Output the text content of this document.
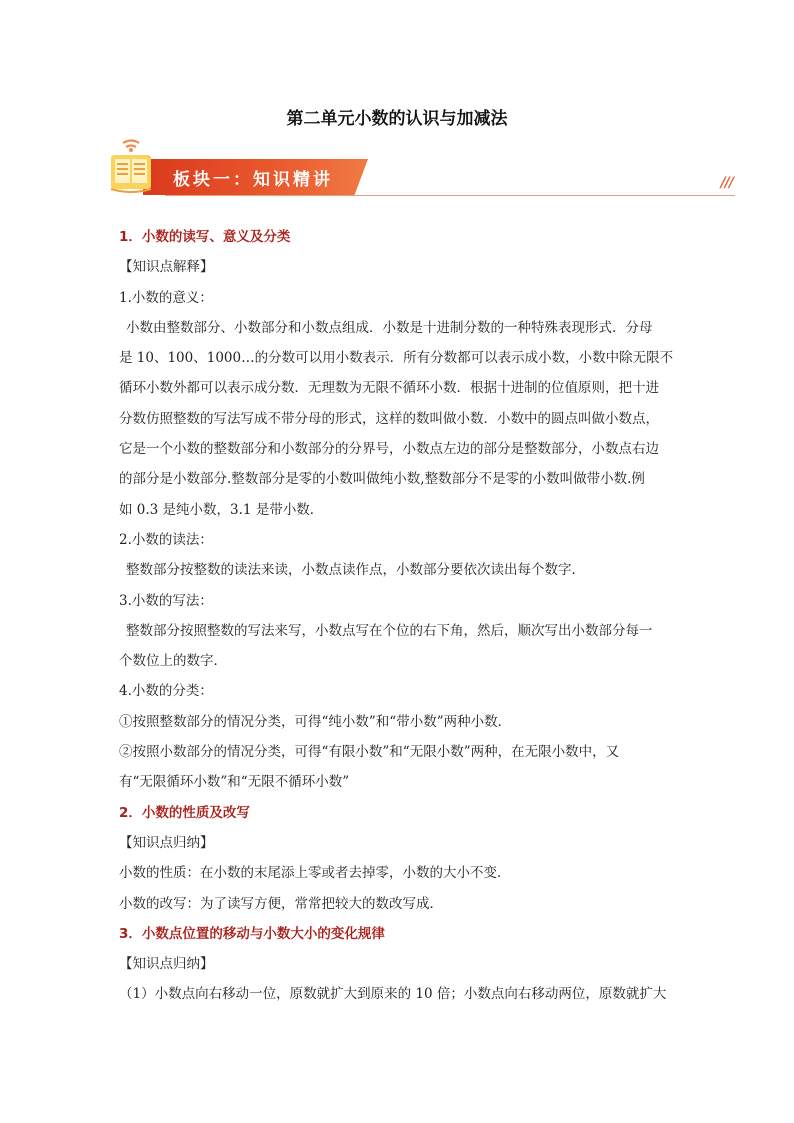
第二单元小数的认识与加减法
板块一：知识精讲	///

1．小数的读写、意义及分类

【知识点解释】

1.小数的意义：

小数由整数部分、小数部分和小数点组成．小数是十进制分数的一种特殊表现形式．分母

是 10、100、1000…的分数可以用小数表示．所有分数都可以表示成小数，小数中除无限不

循环小数外都可以表示成分数．无理数为无限不循环小数．根据十进制的位值原则，把十进

分数仿照整数的写法写成不带分母的形式，这样的数叫做小数．小数中的圆点叫做小数点，

它是一个小数的整数部分和小数部分的分界号，小数点左边的部分是整数部分，小数点右边

的部分是小数部分.整数部分是零的小数叫做纯小数,整数部分不是零的小数叫做带小数.例

如 0.3 是纯小数，3.1 是带小数．

2.小数的读法：

整数部分按整数的读法来读，小数点读作点，小数部分要依次读出每个数字．

3.小数的写法：

整数部分按照整数的写法来写，小数点写在个位的右下角，然后，顺次写出小数部分每一

个数位上的数字．

4.小数的分类：

①按照整数部分的情况分类，可得“纯小数”和“带小数”两种小数．

②按照小数部分的情况分类，可得“有限小数”和“无限小数”两种，在无限小数中，又

有“无限循环小数”和“无限不循环小数”

2．小数的性质及改写

【知识点归纳】

小数的性质：在小数的末尾添上零或者去掉零，小数的大小不变．

小数的改写：为了读写方便，常常把较大的数改写成．

3．小数点位置的移动与小数大小的变化规律

【知识点归纳】

（1）小数点向右移动一位，原数就扩大到原来的 10 倍；小数点向右移动两位，原数就扩大
